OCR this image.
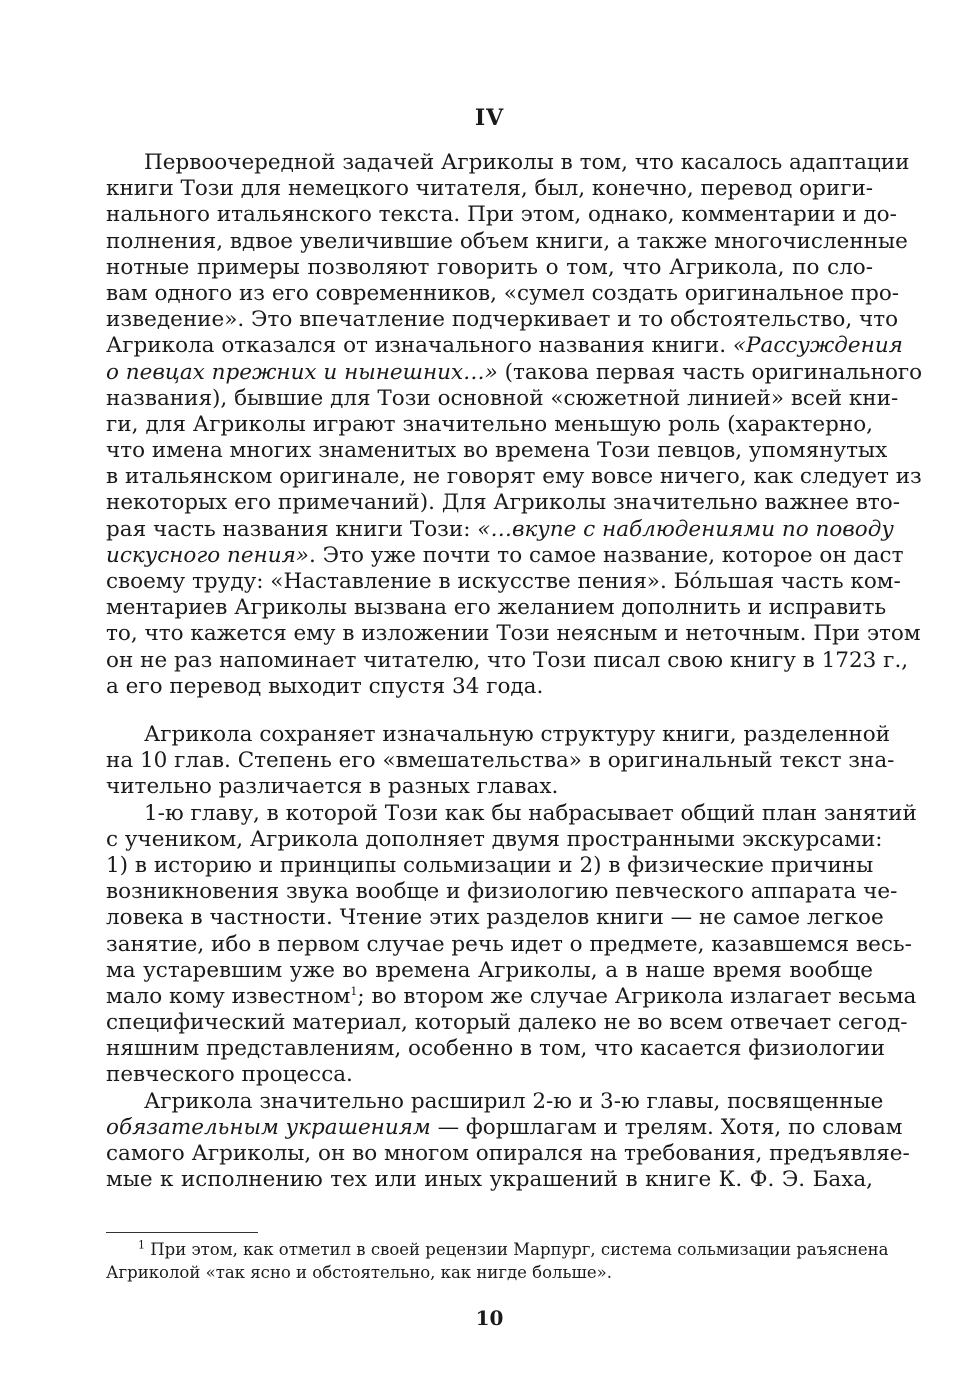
IV
Первоочередной задачей Агриколы в том, что касалось адаптации
книги Този для немецкого читателя, был, конечно, перевод ориги-
нального итальянского текста. При этом, однако, комментарии и до-
полнения, вдвое увеличившие объем книги, а также многочисленные
нотные примеры позволяют говорить о том, что Агрикола, по сло-
вам одного из его современников, «сумел создать оригинальное про-
изведение». Это впечатление подчеркивает и то обстоятельство, что
Агрикола отказался от изначального названия книги. «Рассуждения
о певцах прежних и нынешних…» (такова первая часть оригинального
названия), бывшие для Този основной «сюжетной линией» всей кни-
ги, для Агриколы играют значительно меньшую роль (характерно,
что имена многих знаменитых во времена Този певцов, упомянутых
в итальянском оригинале, не говорят ему вовсе ничего, как следует из
некоторых его примечаний). Для Агриколы значительно важнее вто-
рая часть названия книги Този: «…вкупе с наблюдениями по поводу
искусного пения». Это уже почти то самое название, которое он даст
своему труду: «Наставление в искусстве пения». Бóльшая часть ком-
ментариев Агриколы вызвана его желанием дополнить и исправить
то, что кажется ему в изложении Този неясным и неточным. При этом
он не раз напоминает читателю, что Този писал свою книгу в 1723 г.,
а его перевод выходит спустя 34 года.
Агрикола сохраняет изначальную структуру книги, разделенной
на 10 глав. Степень его «вмешательства» в оригинальный текст зна-
чительно различается в разных главах.
1-ю главу, в которой Този как бы набрасывает общий план занятий
с учеником, Агрикола дополняет двумя пространными экскурсами:
1) в историю и принципы сольмизации и 2) в физические причины
возникновения звука вообще и физиологию певческого аппарата че-
ловека в частности. Чтение этих разделов книги — не самое легкое
занятие, ибо в первом случае речь идет о предмете, казавшемся весь-
ма устаревшим уже во времена Агриколы, а в наше время вообще
мало кому известном$^1$; во втором же случае Агрикола излагает весьма
специфический материал, который далеко не во всем отвечает сегод-
няшним представлениям, особенно в том, что касается физиологии
певческого процесса.
Агрикола значительно расширил 2-ю и 3-ю главы, посвященные
обязательным украшениям — форшлагам и трелям. Хотя, по словам
самого Агриколы, он во многом опирался на требования, предъявляе-
мые к исполнению тех или иных украшений в книге К. Ф. Э. Баха,
$^1$ При этом, как отметил в своей рецензии Марпург, система сольмизации раъяснена
Агриколой «так ясно и обстоятельно, как нигде больше».
10
